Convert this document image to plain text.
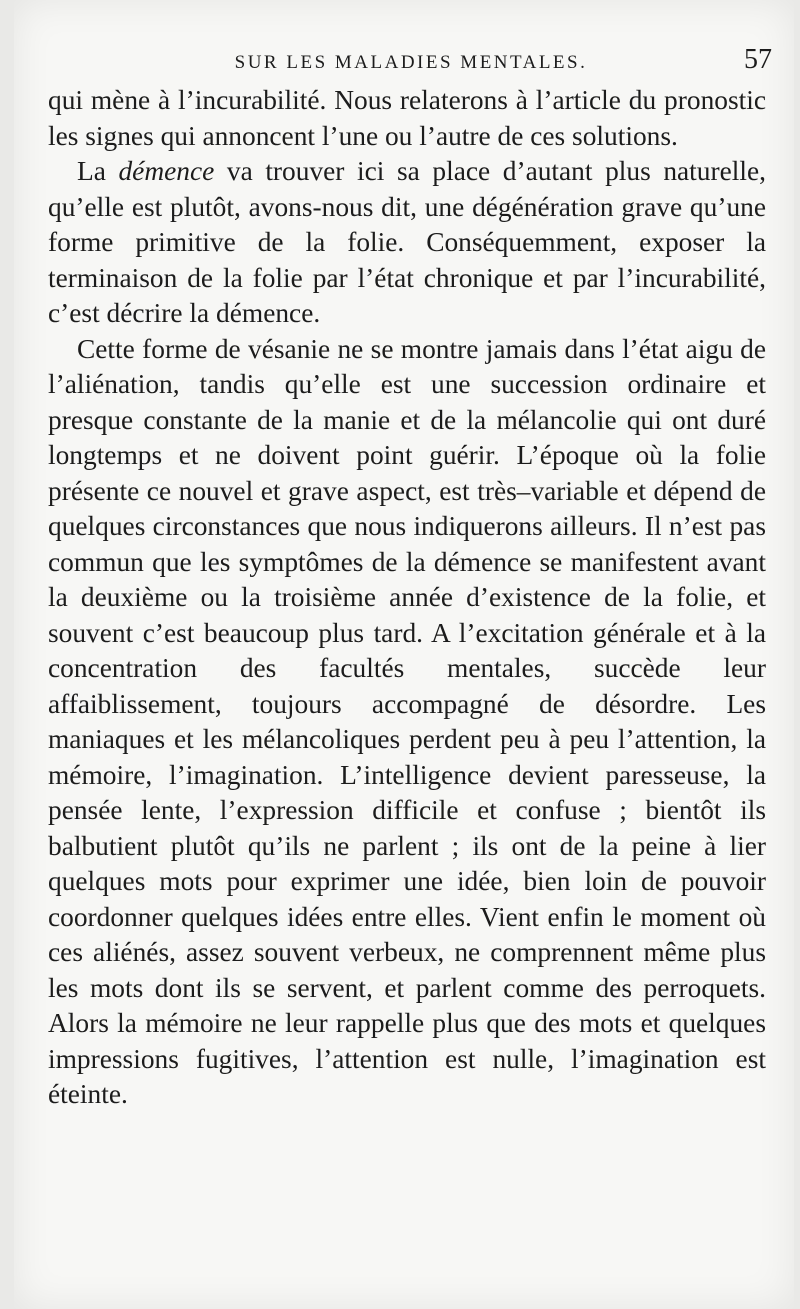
SUR LES MALADIES MENTALES.	57

qui mène à l’incurabilité. Nous relaterons à l’article du pronostic les signes qui annoncent l’une ou l’autre de ces solutions.

La démence va trouver ici sa place d’autant plus naturelle, qu’elle est plutôt, avons-nous dit, une dégénération grave qu’une forme primitive de la folie. Conséquemment, exposer la terminaison de la folie par l’état chronique et par l’incurabilité, c’est décrire la démence.

Cette forme de vésanie ne se montre jamais dans l’état aigu de l’aliénation, tandis qu’elle est une succession ordinaire et presque constante de la manie et de la mélancolie qui ont duré longtemps et ne doivent point guérir. L’époque où la folie présente ce nouvel et grave aspect, est très–variable et dépend de quelques circonstances que nous indiquerons ailleurs. Il n’est pas commun que les symptômes de la démence se manifestent avant la deuxième ou la troisième année d’existence de la folie, et souvent c’est beaucoup plus tard. A l’excitation générale et à la concentration des facultés mentales, succède leur affaiblissement, toujours accompagné de désordre. Les maniaques et les mélancoliques perdent peu à peu l’attention, la mémoire, l’imagination. L’intelligence devient paresseuse, la pensée lente, l’expression difficile et confuse ; bientôt ils balbutient plutôt qu’ils ne parlent ; ils ont de la peine à lier quelques mots pour exprimer une idée, bien loin de pouvoir coordonner quelques idées entre elles. Vient enfin le moment où ces aliénés, assez souvent verbeux, ne comprennent même plus les mots dont ils se servent, et parlent comme des perroquets. Alors la mémoire ne leur rappelle plus que des mots et quelques impressions fugitives, l’attention est nulle, l’imagination est éteinte.
